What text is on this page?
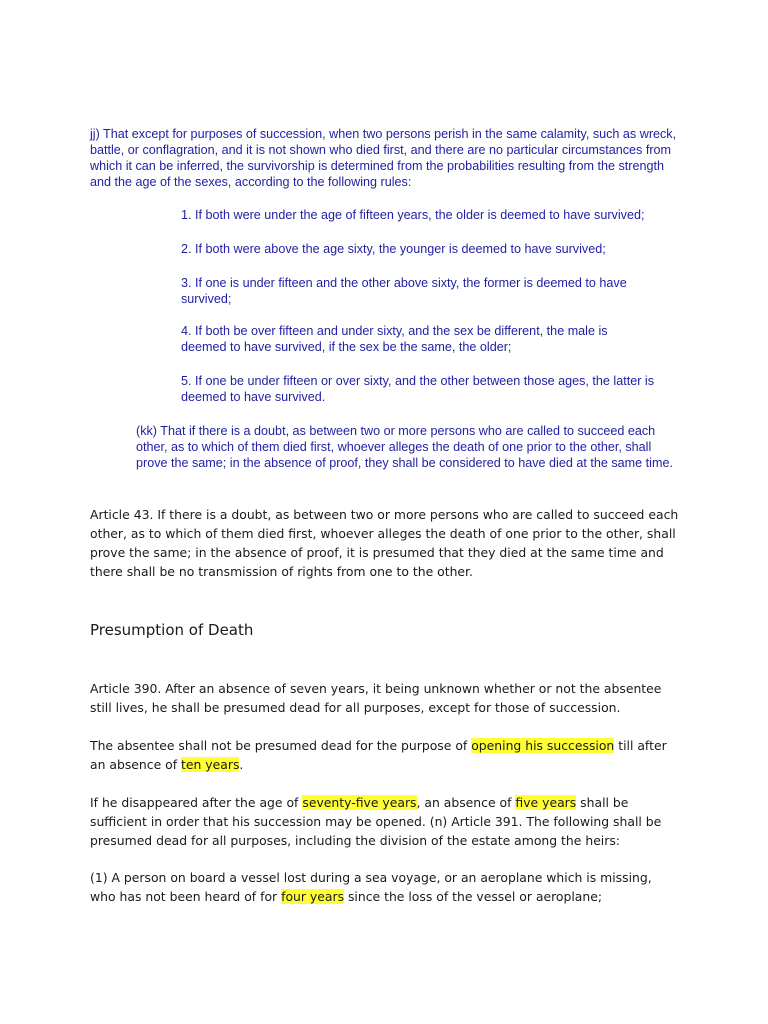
jj) That except for purposes of succession, when two persons perish in the same calamity, such as wreck, battle, or conflagration, and it is not shown who died first, and there are no particular circumstances from which it can be inferred, the survivorship is determined from the probabilities resulting from the strength and the age of the sexes, according to the following rules:

1. If both were under the age of fifteen years, the older is deemed to have survived;

2. If both were above the age sixty, the younger is deemed to have survived;

3. If one is under fifteen and the other above sixty, the former is deemed to have survived;

4. If both be over fifteen and under sixty, and the sex be different, the male is deemed to have survived, if the sex be the same, the older;

5. If one be under fifteen or over sixty, and the other between those ages, the latter is deemed to have survived.

(kk) That if there is a doubt, as between two or more persons who are called to succeed each other, as to which of them died first, whoever alleges the death of one prior to the other, shall prove the same; in the absence of proof, they shall be considered to have died at the same time.

Article 43. If there is a doubt, as between two or more persons who are called to succeed each other, as to which of them died first, whoever alleges the death of one prior to the other, shall prove the same; in the absence of proof, it is presumed that they died at the same time and there shall be no transmission of rights from one to the other.

Presumption of Death

Article 390. After an absence of seven years, it being unknown whether or not the absentee still lives, he shall be presumed dead for all purposes, except for those of succession.

The absentee shall not be presumed dead for the purpose of opening his succession till after an absence of ten years.

If he disappeared after the age of seventy-five years, an absence of five years shall be sufficient in order that his succession may be opened. (n) Article 391. The following shall be presumed dead for all purposes, including the division of the estate among the heirs:

(1) A person on board a vessel lost during a sea voyage, or an aeroplane which is missing, who has not been heard of for four years since the loss of the vessel or aeroplane;
